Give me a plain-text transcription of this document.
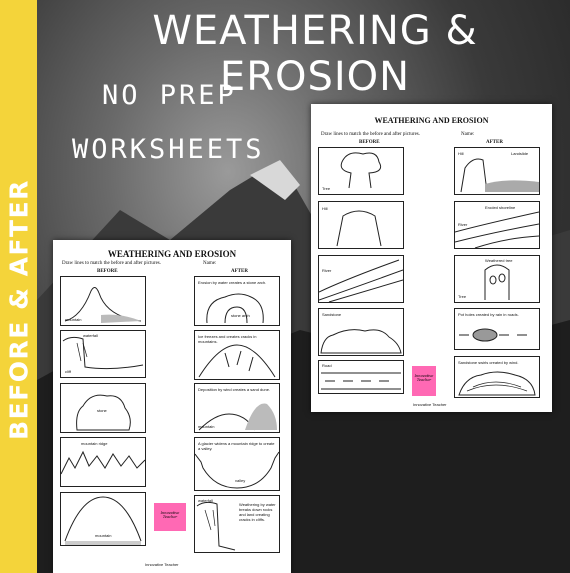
BEFORE & AFTER
WEATHERING & EROSION
NO PREP
WORKSHEETS
WEATHERING AND EROSION
Draw lines to match the before and after pictures.	Name:
BEFORE	AFTER
Tree
Hill
River
Sandstone
Road
Hill	Landslide
Eroded shoreline
River
Weathered tree
Tree
Pot holes created by rain in roads.
Sandstone swirls created by wind.
Innovative Teacher
Innovative Teacher
WEATHERING AND EROSION
Draw lines to match the before and after pictures.	Name:
BEFORE	AFTER
mountain
waterfall
cliff
stone
mountain ridge
mountain
Erosion by water creates a stone arch.
stone arch
Ice freezes and creates cracks in mountains.
Deposition by wind creates a sand dune.
mountain
A glacier widens a mountain ridge to create a valley.
valley
waterfall
Weathering by water breaks down rocks and land creating cracks in cliffs.
Innovative Teacher
Innovative Teacher
